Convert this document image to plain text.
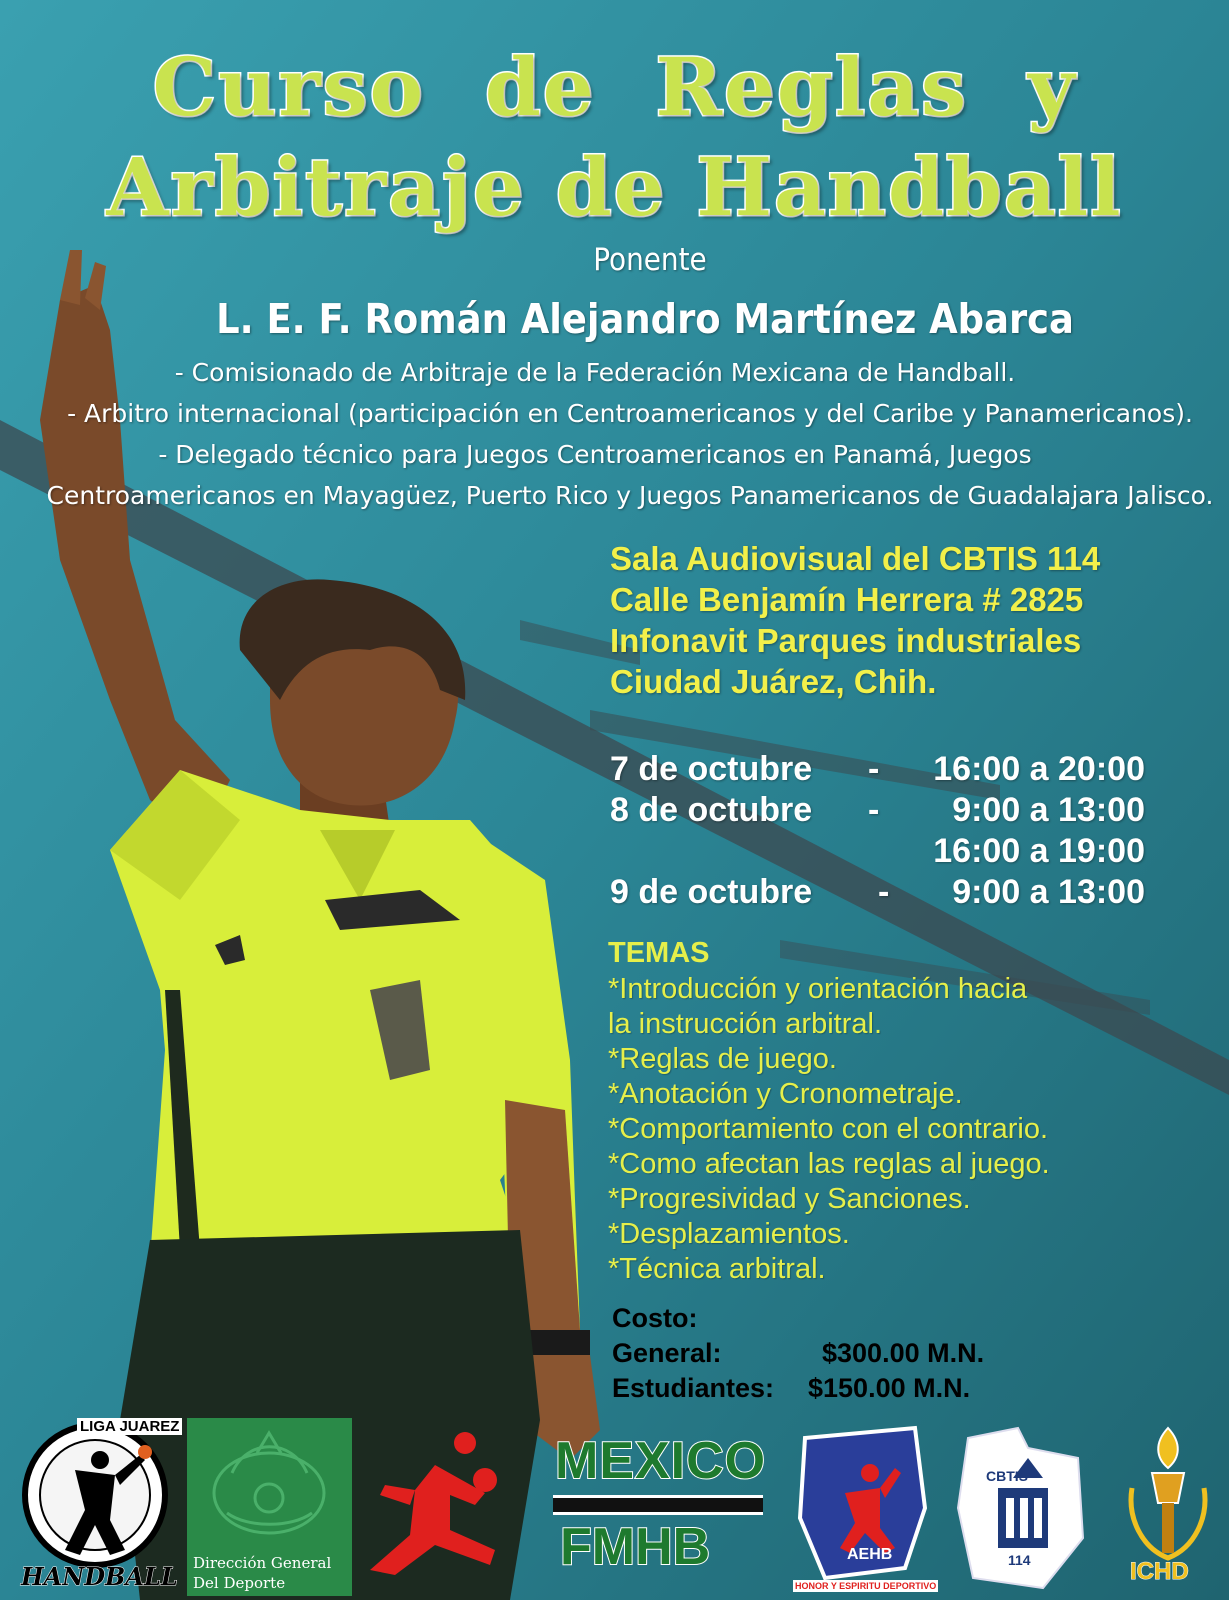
Curso de Reglas y
Arbitraje de Handball
Ponente
L. E. F. Román Alejandro Martínez Abarca
- Comisionado de Arbitraje de la Federación Mexicana de Handball.
- Arbitro internacional (participación en Centroamericanos y del Caribe y Panamericanos).
- Delegado técnico para Juegos Centroamericanos en Panamá, Juegos
Centroamericanos en Mayagüez, Puerto Rico y Juegos Panamericanos de Guadalajara Jalisco.
Sala Audiovisual del CBTIS 114
Calle Benjamín Herrera # 2825
Infonavit Parques industriales
Ciudad Juárez, Chih.
7 de octubre -	16:00 a 20:00
8 de octubre -	9:00 a 13:00
16:00 a 19:00
9 de octubre -	9:00 a 13:00
TEMAS
*Introducción y orientación hacia
la instrucción arbitral.
*Reglas de juego.
*Anotación y Cronometraje.
*Comportamiento con el contrario.
*Como afectan las reglas al juego.
*Progresividad y Sanciones.
*Desplazamientos.
*Técnica arbitral.
Costo:
General:	$300.00 M.N.
Estudiantes: $150.00 M.N.
LIGA JUAREZ
HANDBALL Dirección General
Del Deporte
MEXICO
FMHB	AEHB
HONOR Y ESPIRITU DEPORTIVO
CBTIS
114	ICHD
